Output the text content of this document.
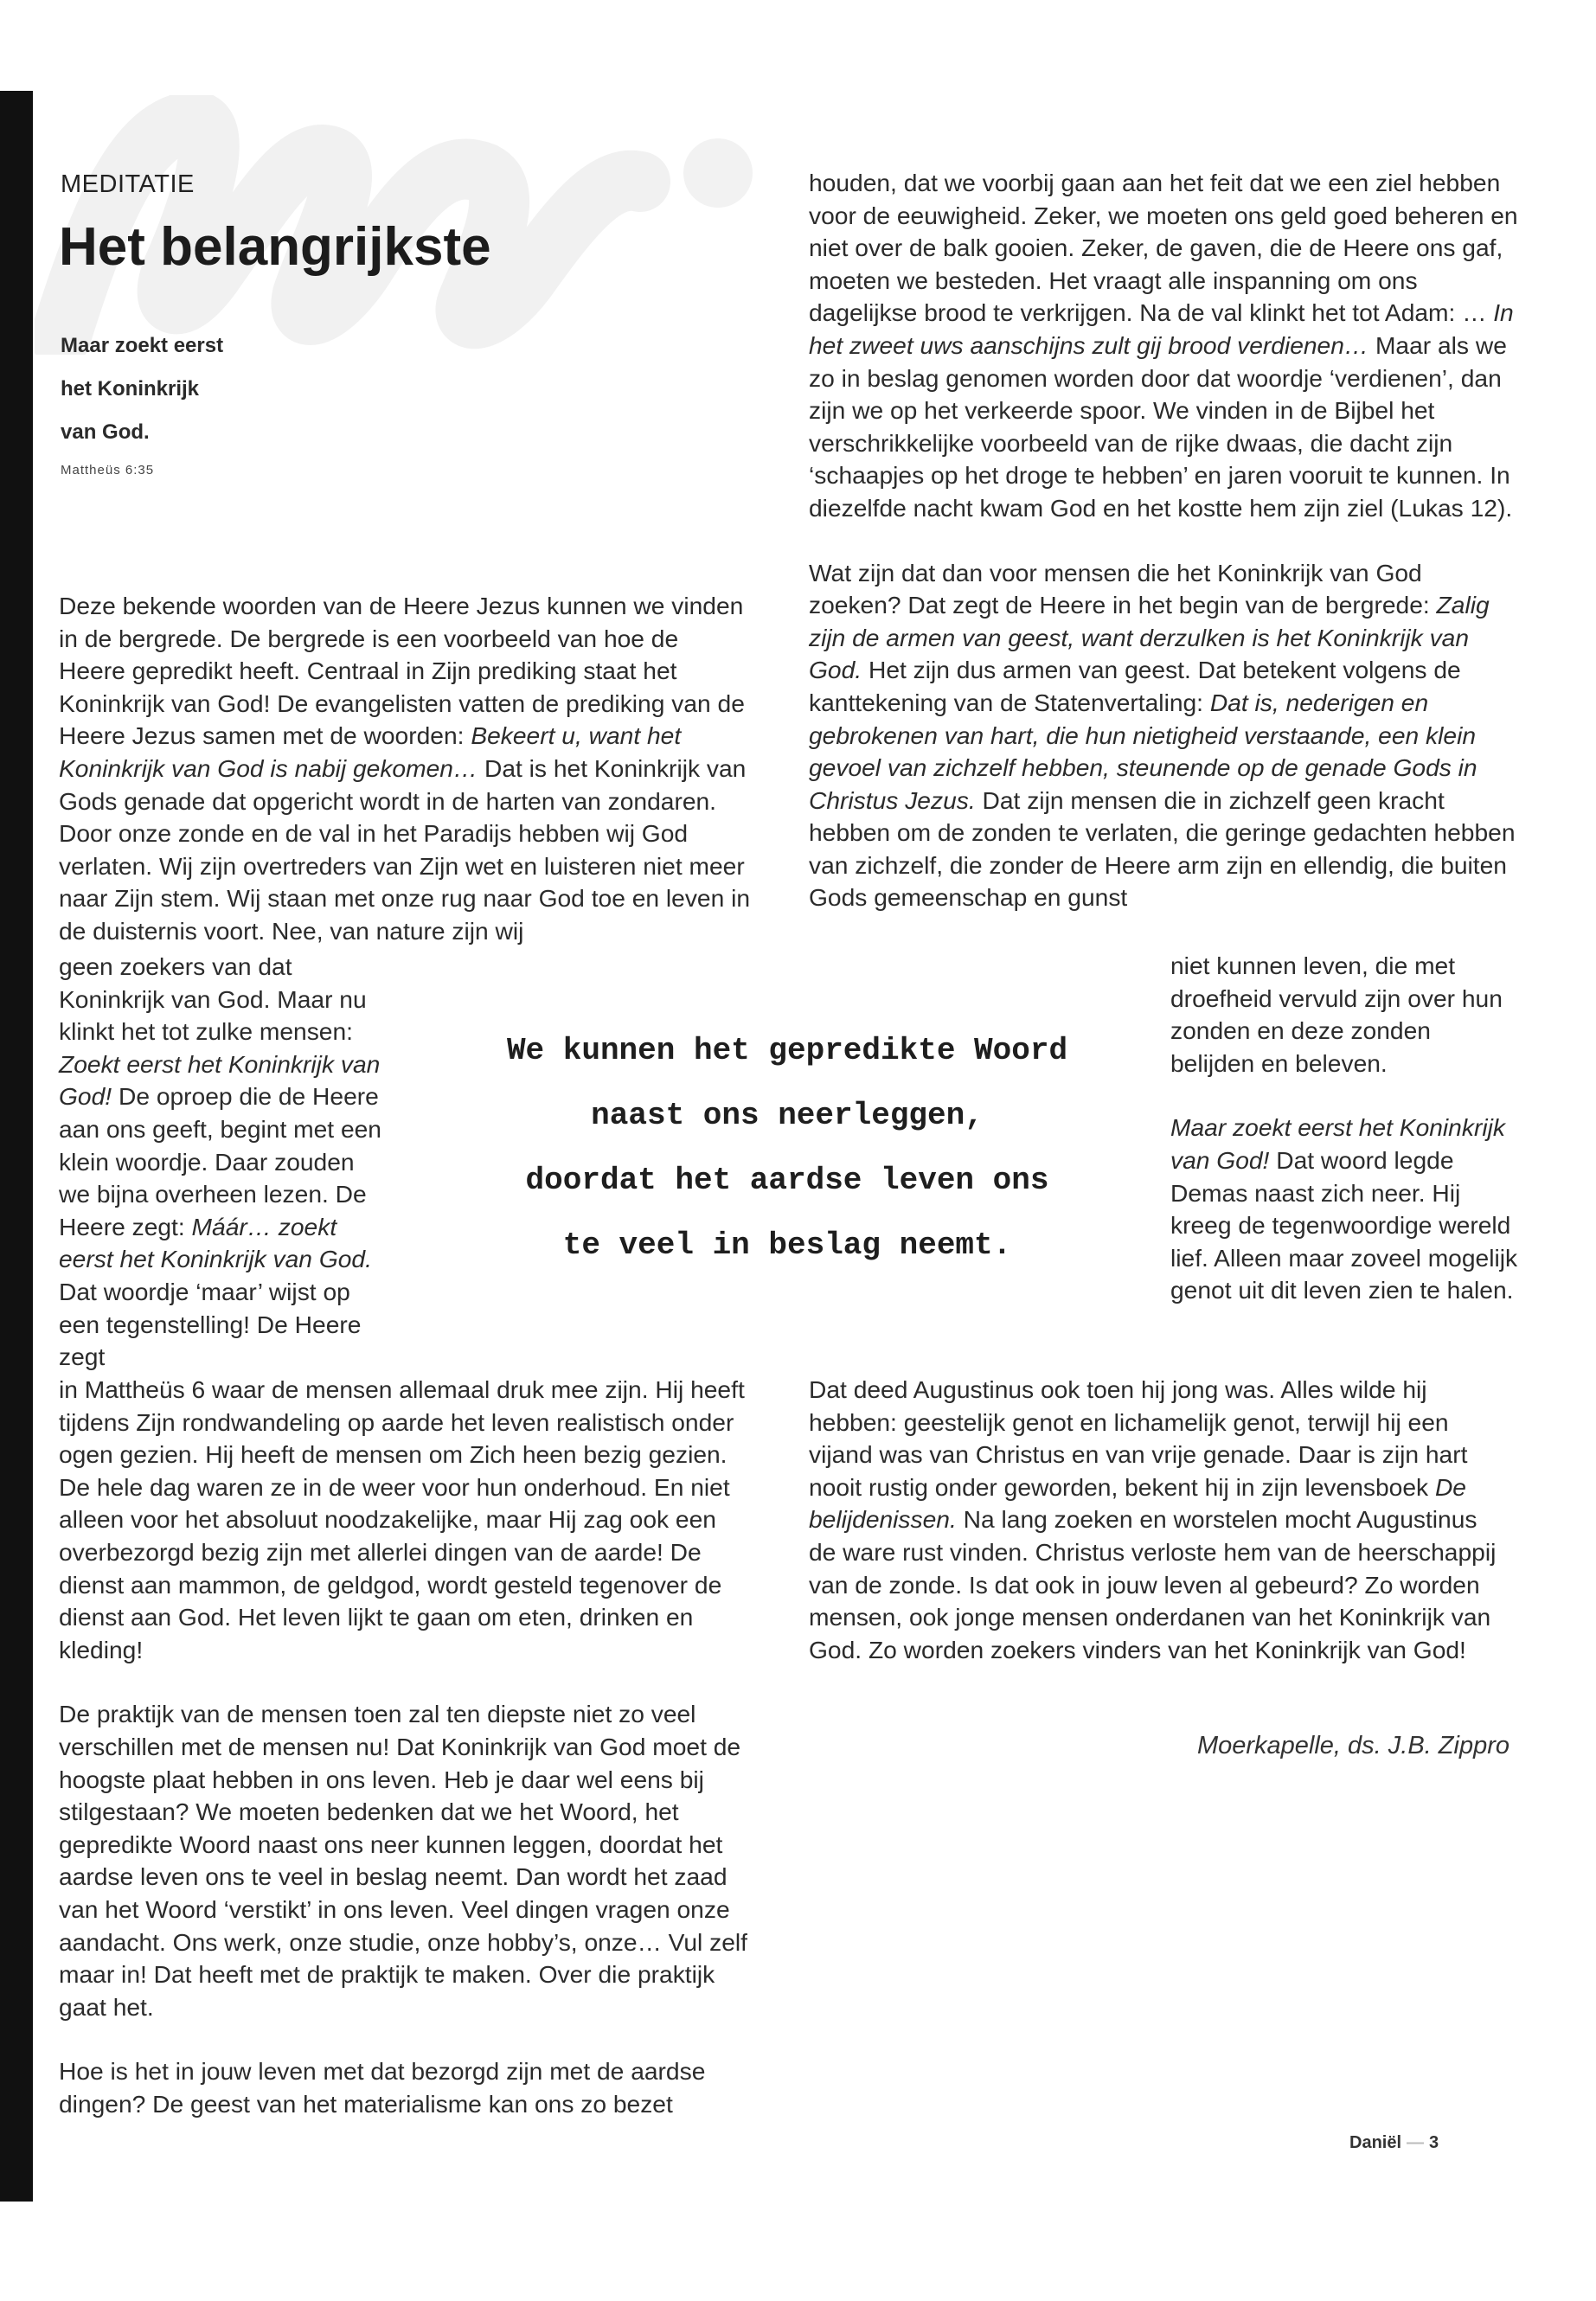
MEDITATIE
Het belangrijkste
Maar zoekt eerst
het Koninkrijk
van God.
Mattheüs 6:35
Deze bekende woorden van de Heere Jezus kunnen we vinden in de bergrede. De bergrede is een voorbeeld van hoe de Heere gepredikt heeft. Centraal in Zijn prediking staat het Koninkrijk van God! De evangelisten vatten de prediking van de Heere Jezus samen met de woorden: Bekeert u, want het Koninkrijk van God is nabij gekomen… Dat is het Koninkrijk van Gods genade dat opgericht wordt in de harten van zondaren. Door onze zonde en de val in het Paradijs hebben wij God verlaten. Wij zijn overtreders van Zijn wet en luisteren niet meer naar Zijn stem. Wij staan met onze rug naar God toe en leven in de duisternis voort. Nee, van nature zijn wij
geen zoekers van dat Koninkrijk van God. Maar nu klinkt het tot zulke mensen: Zoekt eerst het Koninkrijk van God! De oproep die de Heere aan ons geeft, begint met een klein woordje. Daar zouden we bijna overheen lezen. De Heere zegt: Máár… zoekt eerst het Koninkrijk van God. Dat woordje ‘maar’ wijst op een tegenstelling! De Heere zegt

in Mattheüs 6 waar de mensen allemaal druk mee zijn. Hij heeft tijdens Zijn rondwandeling op aarde het leven realistisch onder ogen gezien. Hij heeft de mensen om Zich heen bezig gezien. De hele dag waren ze in de weer voor hun onderhoud. En niet alleen voor het absoluut noodzakelijke, maar Hij zag ook een overbezorgd bezig zijn met allerlei dingen van de aarde! De dienst aan mammon, de geldgod, wordt gesteld tegenover de dienst aan God. Het leven lijkt te gaan om eten, drinken en kleding!

De praktijk van de mensen toen zal ten diepste niet zo veel verschillen met de mensen nu! Dat Koninkrijk van God moet de hoogste plaat hebben in ons leven. Heb je daar wel eens bij stilgestaan? We moeten bedenken dat we het Woord, het gepredikte Woord naast ons neer kunnen leggen, doordat het aardse leven ons te veel in beslag neemt. Dan wordt het zaad van het Woord ‘verstikt’ in ons leven. Veel dingen vragen onze aandacht. Ons werk, onze studie, onze hobby’s, onze… Vul zelf maar in! Dat heeft met de praktijk te maken. Over die praktijk gaat het.

Hoe is het in jouw leven met dat bezorgd zijn met de aardse dingen? De geest van het materialisme kan ons zo bezet

We kunnen het gepredikte Woord
naast ons neerleggen,
doordat het aardse leven ons
te veel in beslag neemt.

houden, dat we voorbij gaan aan het feit dat we een ziel hebben voor de eeuwigheid. Zeker, we moeten ons geld goed beheren en niet over de balk gooien. Zeker, de gaven, die de Heere ons gaf, moeten we besteden. Het vraagt alle inspanning om ons dagelijkse brood te verkrijgen. Na de val klinkt het tot Adam: … In het zweet uws aanschijns zult gij brood verdienen… Maar als we zo in beslag genomen worden door dat woordje ‘verdienen’, dan zijn we op het verkeerde spoor. We vinden in de Bijbel het verschrikkelijke voorbeeld van de rijke dwaas, die dacht zijn ‘schaapjes op het droge te hebben’ en jaren vooruit te kunnen. In diezelfde nacht kwam God en het kostte hem zijn ziel (Lukas 12).

Wat zijn dat dan voor mensen die het Koninkrijk van God zoeken? Dat zegt de Heere in het begin van de bergrede: Zalig zijn de armen van geest, want derzulken is het Koninkrijk van God. Het zijn dus armen van geest. Dat betekent volgens de kanttekening van de Statenvertaling: Dat is, nederigen en gebrokenen van hart, die hun nietigheid verstaande, een klein gevoel van zichzelf hebben, steunende op de genade Gods in Christus Jezus. Dat zijn mensen die in zichzelf geen kracht hebben om de zonden te verlaten, die geringe gedachten hebben van zichzelf, die zonder de Heere arm zijn en ellendig, die buiten Gods gemeenschap en gunst

niet kunnen leven, die met droefheid vervuld zijn over hun zonden en deze zonden belijden en beleven.

Maar zoekt eerst het Koninkrijk van God! Dat woord legde Demas naast zich neer. Hij kreeg de tegenwoordige wereld lief. Alleen maar zoveel mogelijk genot uit dit leven zien te halen.

Dat deed Augustinus ook toen hij jong was. Alles wilde hij hebben: geestelijk genot en lichamelijk genot, terwijl hij een vijand was van Christus en van vrije genade. Daar is zijn hart nooit rustig onder geworden, bekent hij in zijn levensboek De belijdenissen. Na lang zoeken en worstelen mocht Augustinus de ware rust vinden. Christus verloste hem van de heerschappij van de zonde. Is dat ook in jouw leven al gebeurd? Zo worden mensen, ook jonge mensen onderdanen van het Koninkrijk van God. Zo worden zoekers vinders van het Koninkrijk van God!

Moerkapelle, ds. J.B. Zippro
Daniël — 3
